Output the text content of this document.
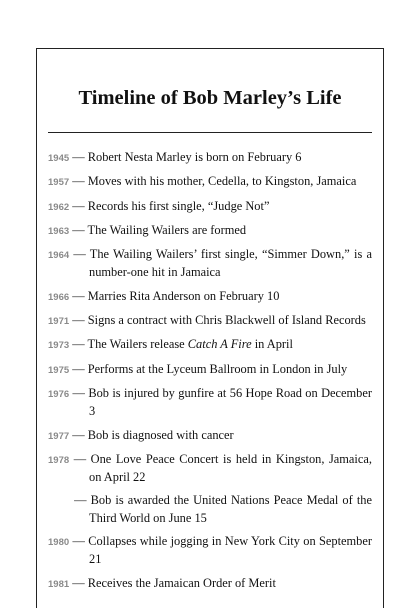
Timeline of Bob Marley’s Life
1945 — Robert Nesta Marley is born on February 6
1957 — Moves with his mother, Cedella, to Kingston, Jamaica
1962 — Records his first single, “Judge Not”
1963 — The Wailing Wailers are formed
1964 — The Wailing Wailers’ first single, “Simmer Down,” is a number-one hit in Jamaica
1966 — Marries Rita Anderson on February 10
1971 — Signs a contract with Chris Blackwell of Island Records
1973 — The Wailers release Catch A Fire in April
1975 — Performs at the Lyceum Ballroom in London in July
1976 — Bob is injured by gunfire at 56 Hope Road on December 3
1977 — Bob is diagnosed with cancer
1978 — One Love Peace Concert is held in Kingston, Jamaica, on April 22
— Bob is awarded the United Nations Peace Medal of the Third World on June 15
1980 — Collapses while jogging in New York City on September 21
1981 — Receives the Jamaican Order of Merit
